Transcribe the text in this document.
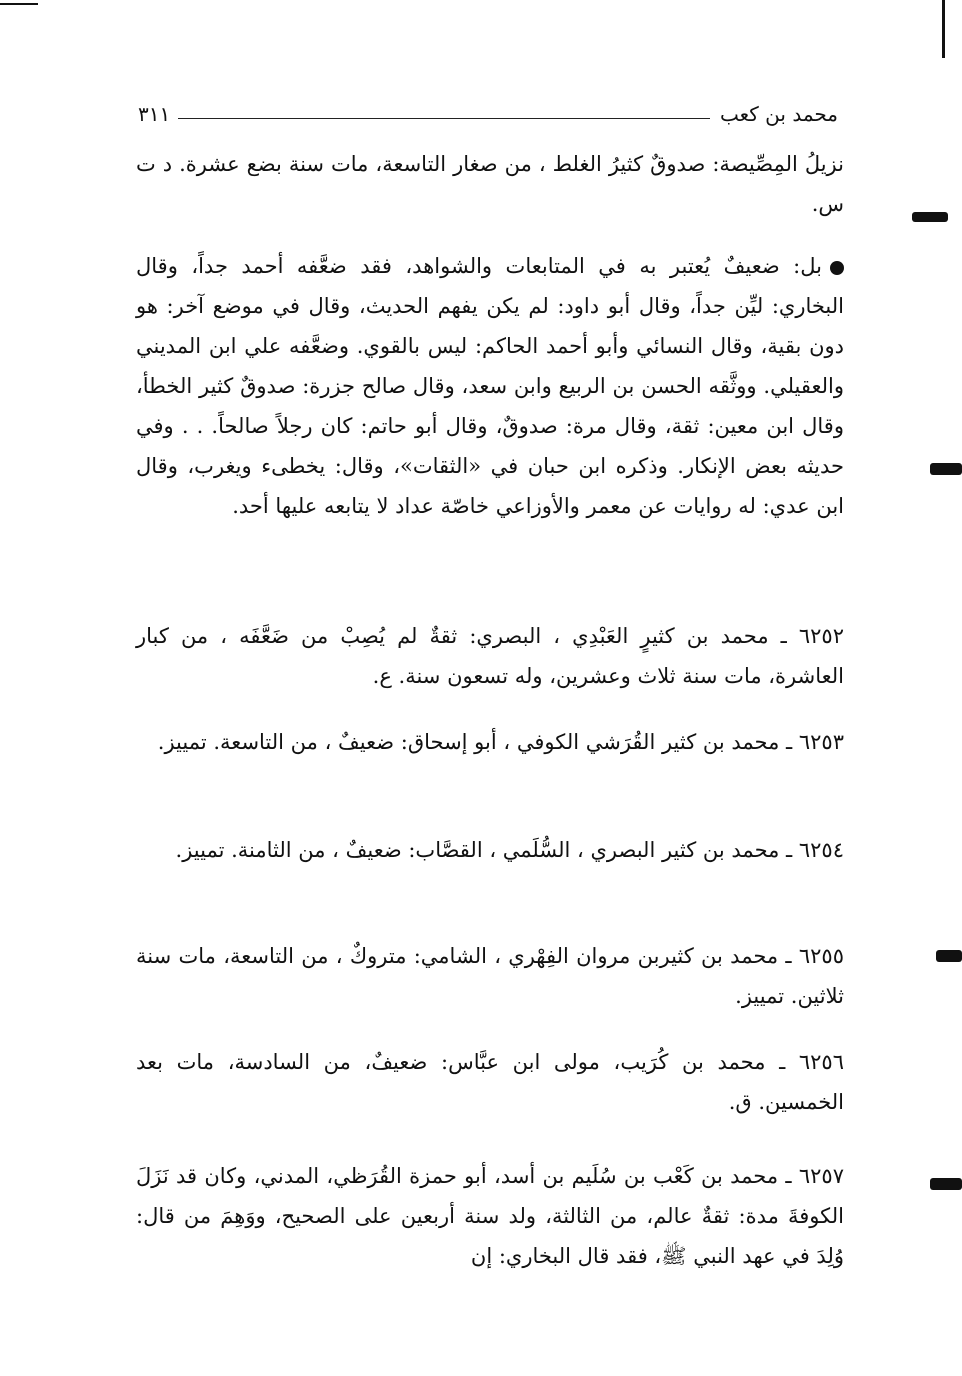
محمد بن كعب
٣١١

نزيلُ المِصِّيصة: صدوقٌ كثيرُ الغلط ، من صغار التاسعة، مات سنة بضع عشرة. د ت س.

بل: ضعيفٌ يُعتبر به في المتابعات والشواهد، فقد ضعَّفه أحمد جداً، وقال البخاري: ليِّن جداً، وقال أبو داود: لم يكن يفهم الحديث، وقال في موضع آخر: هو دون بقية، وقال النسائي وأبو أحمد الحاكم: ليس بالقوي. وضعَّفه علي ابن المديني والعقيلي. ووثَّقه الحسن بن الربيع وابن سعد، وقال صالح جزرة: صدوقٌ كثير الخطأ، وقال ابن معين: ثقة، وقال مرة: صدوقٌ، وقال أبو حاتم: كان رجلاً صالحاً. . . وفي حديثه بعض الإنكار. وذكره ابن حبان في «الثقات»، وقال: يخطىء ويغرب، وقال ابن عدي: له روايات عن معمر والأوزاعي خاصّة عداد لا يتابعه عليها أحد.

٦٢٥٢ ـ محمد بن كثيرٍ العَبْدِي ، البصري: ثقةٌ لم يُصِبْ من ضَعَّفَه ، من كبار العاشرة، مات سنة ثلاث وعشرين، وله تسعون سنة. ع.

٦٢٥٣ ـ محمد بن كثير القُرَشي الكوفي ، أبو إسحاق: ضعيفٌ ، من التاسعة. تمييز.

٦٢٥٤ ـ محمد بن كثير البصري ، السُّلَمي ، القصَّاب: ضعيفٌ ، من الثامنة. تمييز.

٦٢٥٥ ـ محمد بن كثيربن مروان الفِهْري ، الشامي: متروكٌ ، من التاسعة، مات سنة ثلاثين. تمييز.

٦٢٥٦ ـ محمد بن كُرَيب، مولى ابن عبَّاس: ضعيفٌ، من السادسة، مات بعد الخمسين. ق.

٦٢٥٧ ـ محمد بن كَعْب بن سُلَيم بن أسد، أبو حمزة القُرَظي، المدني، وكان قد نَزَلَ الكوفةَ مدة: ثقةٌ عالم، من الثالثة، ولد سنة أربعين على الصحيح، ووَهِمَ من قال: وُلِدَ في عهد النبي ﷺ، فقد قال البخاري: إن
